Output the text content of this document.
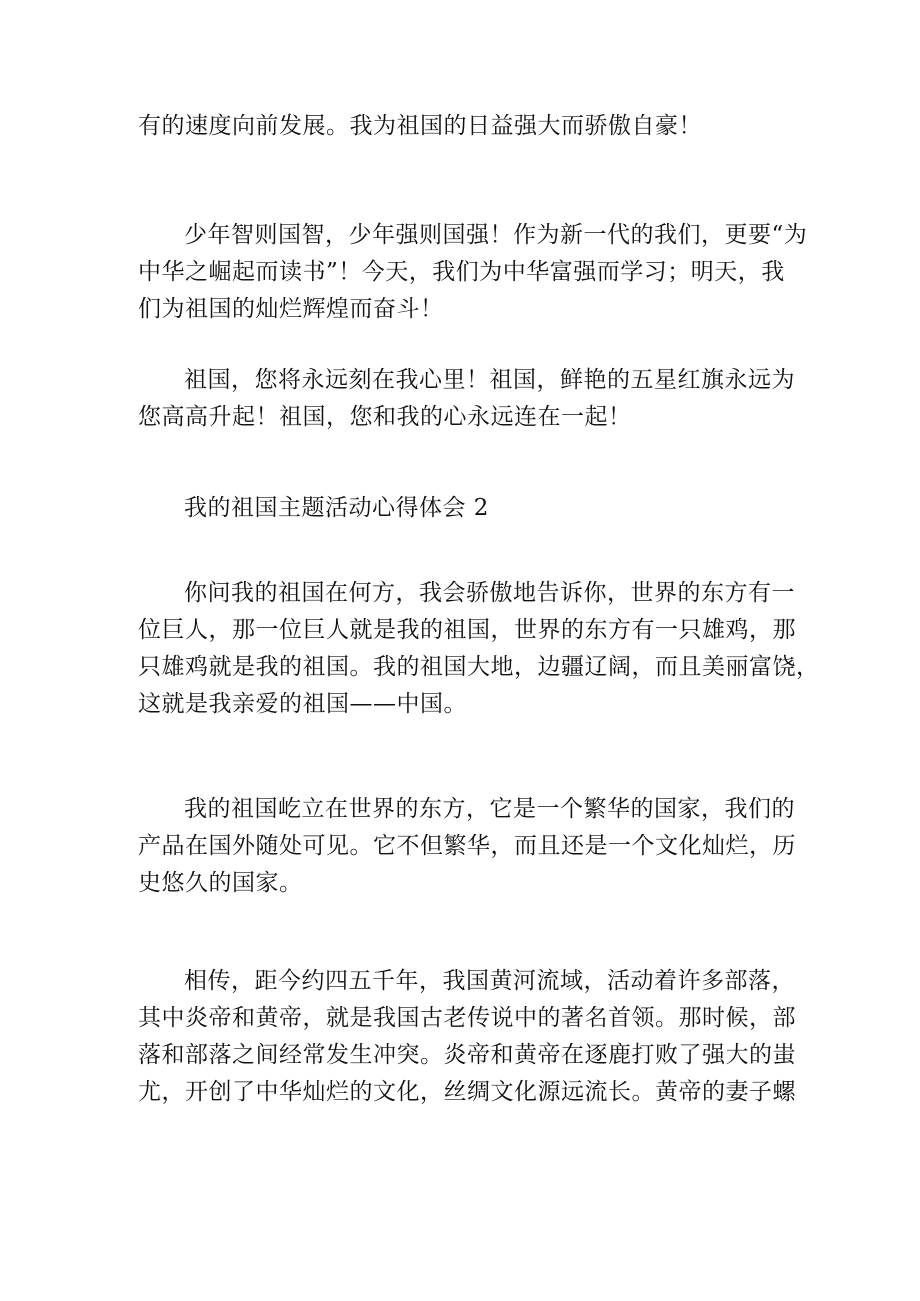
有的速度向前发展。我为祖国的日益强大而骄傲自豪！

少年智则国智，少年强则国强！作为新一代的我们，更要“为
中华之崛起而读书”！今天，我们为中华富强而学习；明天，我
们为祖国的灿烂辉煌而奋斗！

祖国，您将永远刻在我心里！祖国，鲜艳的五星红旗永远为
您高高升起！祖国，您和我的心永远连在一起！

我的祖国主题活动心得体会 2

你问我的祖国在何方，我会骄傲地告诉你，世界的东方有一
位巨人，那一位巨人就是我的祖国，世界的东方有一只雄鸡，那
只雄鸡就是我的祖国。我的祖国大地，边疆辽阔，而且美丽富饶，
这就是我亲爱的祖国——中国。

我的祖国屹立在世界的东方，它是一个繁华的国家，我们的
产品在国外随处可见。它不但繁华，而且还是一个文化灿烂，历
史悠久的国家。

相传，距今约四五千年，我国黄河流域，活动着许多部落，
其中炎帝和黄帝，就是我国古老传说中的著名首领。那时候，部
落和部落之间经常发生冲突。炎帝和黄帝在逐鹿打败了强大的蚩
尤，开创了中华灿烂的文化，丝绸文化源远流长。黄帝的妻子螺
